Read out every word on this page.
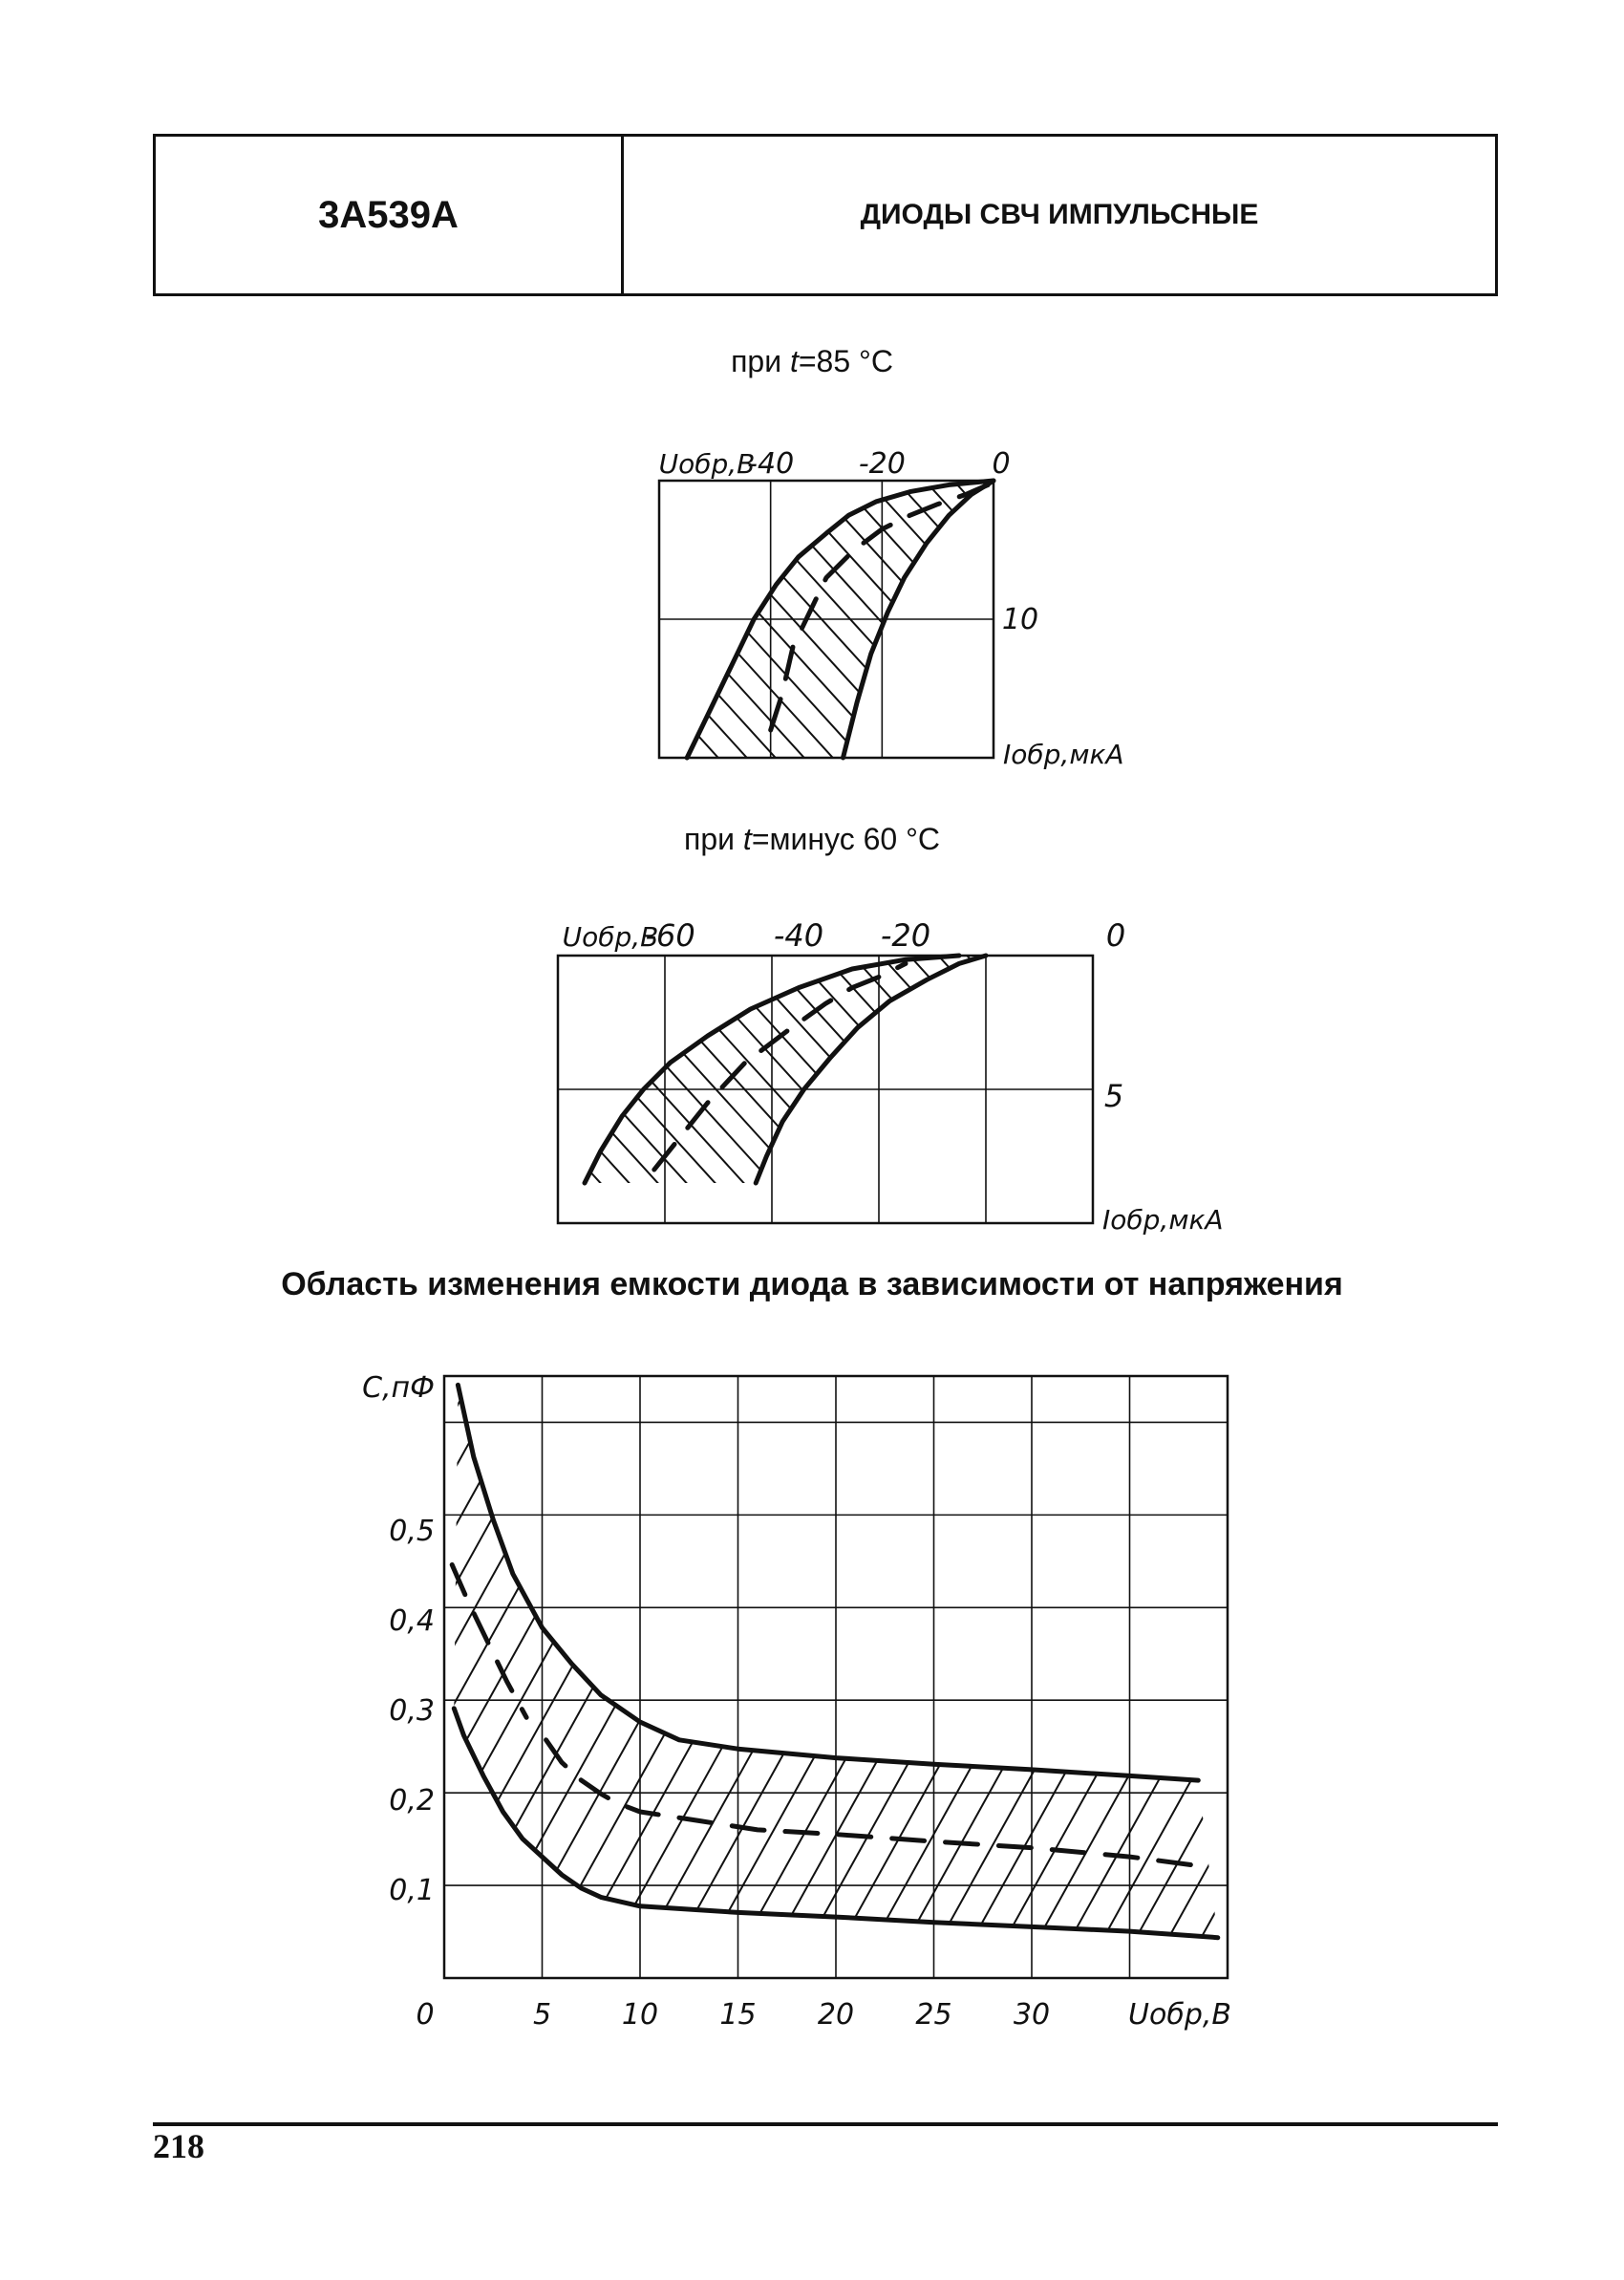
3А539А	ДИОДЫ СВЧ ИМПУЛЬСНЫЕ
при t=85 °С
при t=минус 60 °С
Область изменения емкости диода в зависимости от напряжения
Uобр,В
-40 -20	0
10
Iобр,мкА
Uобр,В
-60	-40 -20	0
5
Iобр,мкА
С,пФ
0,1
0,2
0,3
0,4
0,5
0	5 10 15 20 25 30	Uобр,В
218
